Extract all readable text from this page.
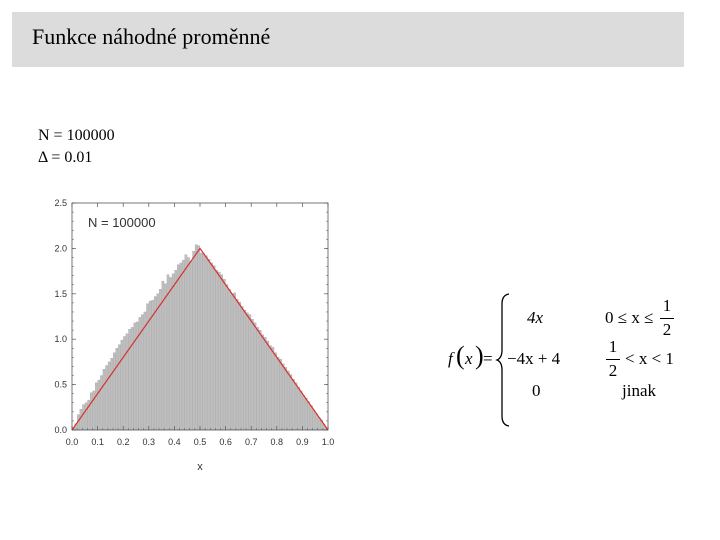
Funkce náhodné proměnné
N = 100000
Δ = 0.01
0.0 0.1 0.2 0.3 0.4 0.5 0.6 0.7 0.8 0.9 1.0
0.0
0.5
1.0
1.5
2.0
2.5
N = 100000
x
f ( x ) =
4x	0 ≤ x ≤
1
2
−4x + 4
1
2
< x < 1
0	jinak
